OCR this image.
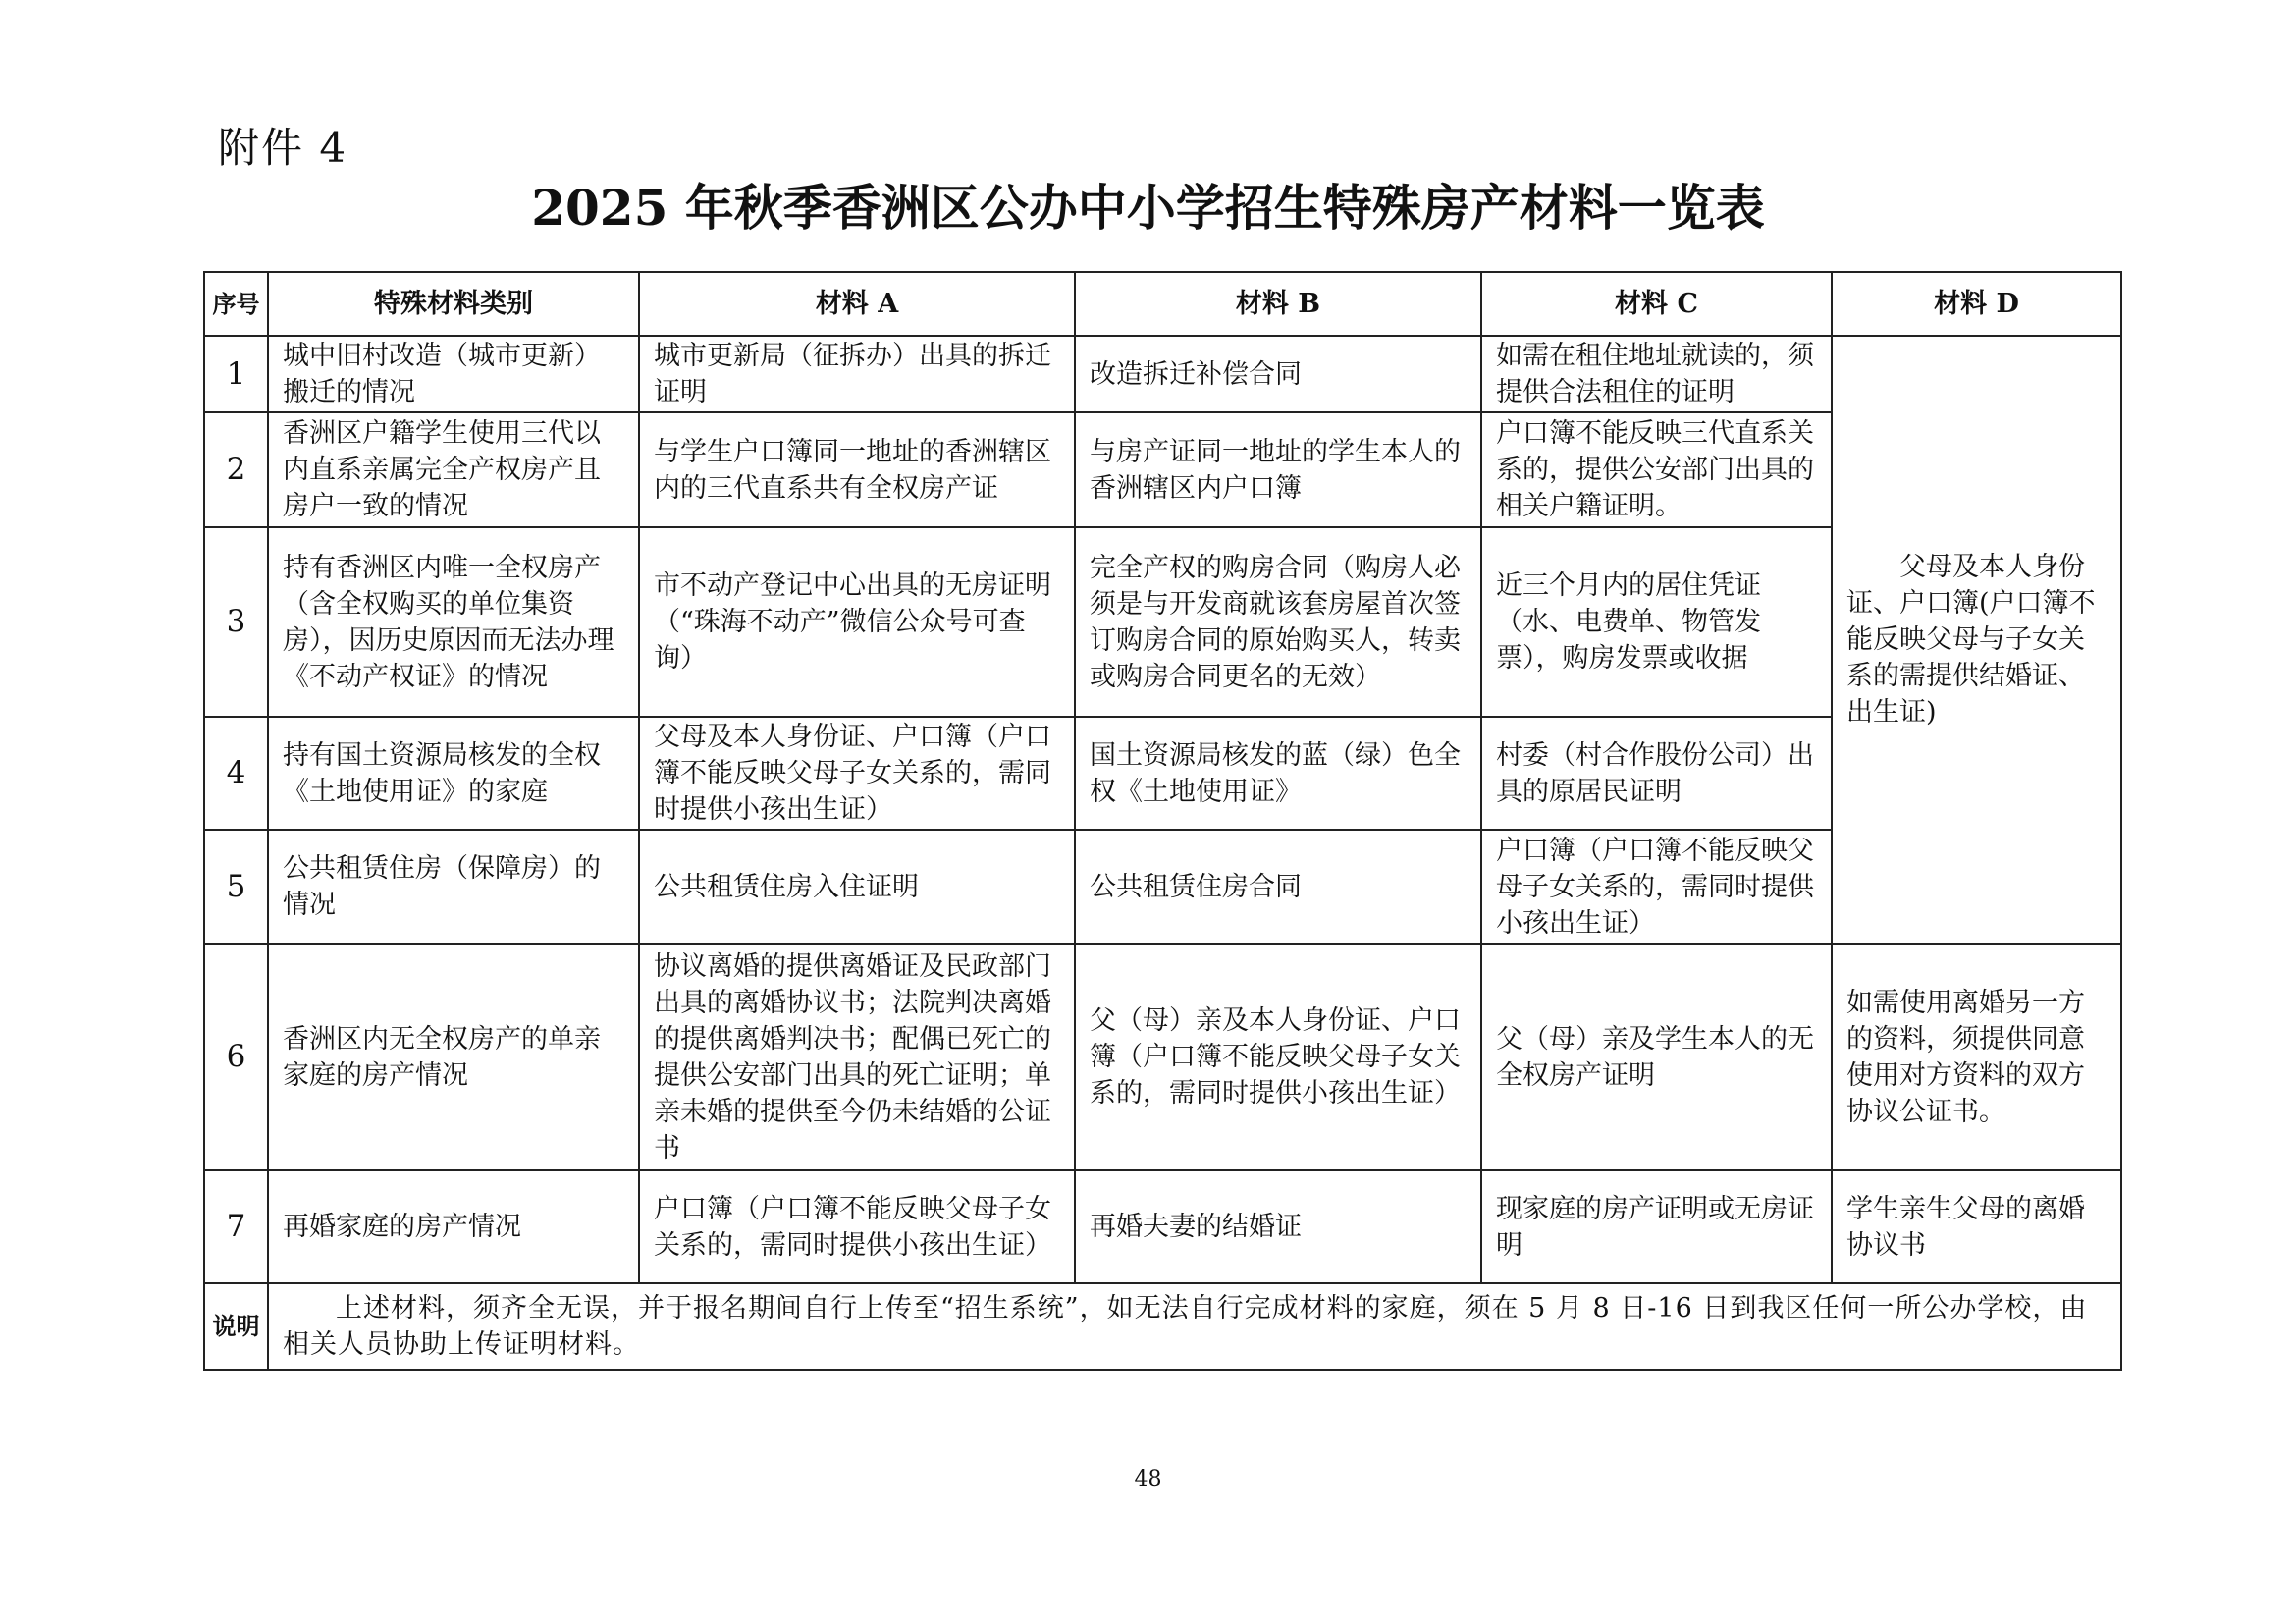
附件 4
2025 年秋季香洲区公办中小学招生特殊房产材料一览表
序号	特殊材料类别	材料 A	材料 B	材料 C	材料 D
1	城中旧村改造（城市更新）搬迁的情况	城市更新局（征拆办）出具的拆迁证明	改造拆迁补偿合同	如需在租住地址就读的，须提供合法租住的证明	父母及本人身份证、户口簿(户口簿不能反映父母与子女关系的需提供结婚证、出生证)
2	香洲区户籍学生使用三代以内直系亲属完全产权房产且房户一致的情况	与学生户口簿同一地址的香洲辖区内的三代直系共有全权房产证	与房产证同一地址的学生本人的香洲辖区内户口簿	户口簿不能反映三代直系关系的，提供公安部门出具的相关户籍证明。	
3	持有香洲区内唯一全权房产（含全权购买的单位集资房），因历史原因而无法办理《不动产权证》的情况	市不动产登记中心出具的无房证明（“珠海不动产”微信公众号可查询）	完全产权的购房合同（购房人必须是与开发商就该套房屋首次签订购房合同的原始购买人，转卖或购房合同更名的无效）	近三个月内的居住凭证（水、电费单、物管发票），购房发票或收据	
4	持有国土资源局核发的全权《土地使用证》的家庭	父母及本人身份证、户口簿（户口簿不能反映父母子女关系的，需同时提供小孩出生证）	国土资源局核发的蓝（绿）色全权《土地使用证》	村委（村合作股份公司）出具的原居民证明	
5	公共租赁住房（保障房）的情况	公共租赁住房入住证明	公共租赁住房合同	户口簿（户口簿不能反映父母子女关系的，需同时提供小孩出生证）	
6	香洲区内无全权房产的单亲家庭的房产情况	协议离婚的提供离婚证及民政部门出具的离婚协议书；法院判决离婚的提供离婚判决书；配偶已死亡的提供公安部门出具的死亡证明；单亲未婚的提供至今仍未结婚的公证书	父（母）亲及本人身份证、户口簿（户口簿不能反映父母子女关系的，需同时提供小孩出生证）	父（母）亲及学生本人的无全权房产证明	如需使用离婚另一方的资料，须提供同意使用对方资料的双方协议公证书。
7	再婚家庭的房产情况	户口簿（户口簿不能反映父母子女关系的，需同时提供小孩出生证）	再婚夫妻的结婚证	现家庭的房产证明或无房证明	学生亲生父母的离婚协议书
说明	上述材料，须齐全无误，并于报名期间自行上传至“招生系统”，如无法自行完成材料的家庭，须在 5 月 8 日-16 日到我区任何一所公办学校，由相关人员协助上传证明材料。				
48
